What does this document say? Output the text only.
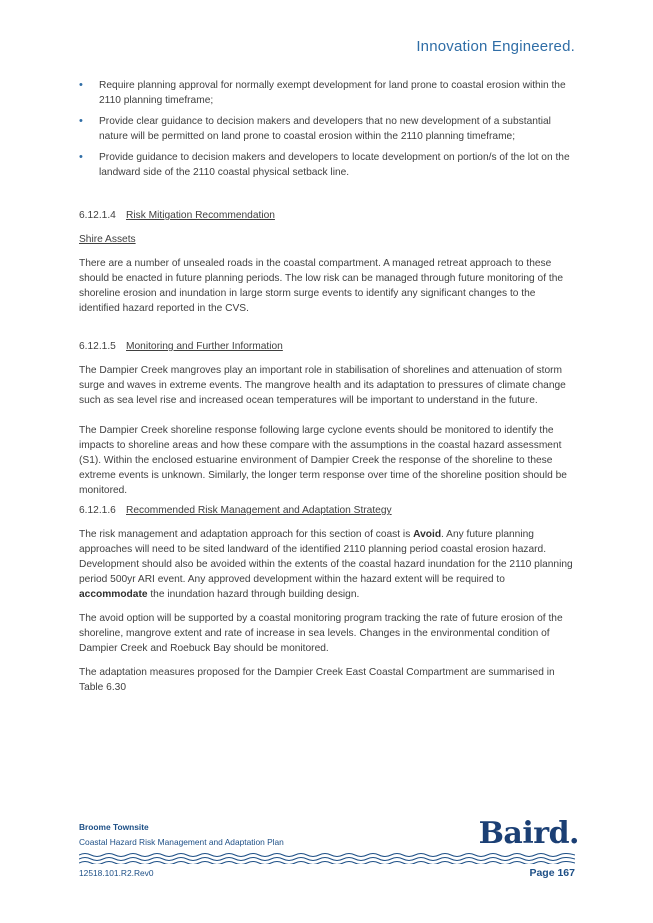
Innovation Engineered.
• Require planning approval for normally exempt development for land prone to coastal erosion within the 2110 planning timeframe;
• Provide clear guidance to decision makers and developers that no new development of a substantial nature will be permitted on land prone to coastal erosion within the 2110 planning timeframe;
• Provide guidance to decision makers and developers to locate development on portion/s of the lot on the landward side of the 2110 coastal physical setback line.
6.12.1.4 Risk Mitigation Recommendation

Shire Assets

There are a number of unsealed roads in the coastal compartment. A managed retreat approach to these should be enacted in future planning periods. The low risk can be managed through future monitoring of the shoreline erosion and inundation in large storm surge events to identify any significant changes to the identified hazard reported in the CVS.

6.12.1.5 Monitoring and Further Information

The Dampier Creek mangroves play an important role in stabilisation of shorelines and attenuation of storm surge and waves in extreme events. The mangrove health and its adaptation to pressures of climate change such as sea level rise and increased ocean temperatures will be important to understand in the future.

The Dampier Creek shoreline response following large cyclone events should be monitored to identify the impacts to shoreline areas and how these compare with the assumptions in the coastal hazard assessment (S1). Within the enclosed estuarine environment of Dampier Creek the response of the shoreline to these extreme events is unknown. Similarly, the longer term response over time of the shoreline position should be monitored.

6.12.1.6 Recommended Risk Management and Adaptation Strategy

The risk management and adaptation approach for this section of coast is Avoid. Any future planning approaches will need to be sited landward of the identified 2110 planning period coastal erosion hazard. Development should also be avoided within the extents of the coastal hazard inundation for the 2110 planning period 500yr ARI event. Any approved development within the hazard extent will be required to accommodate the inundation hazard through building design.

The avoid option will be supported by a coastal monitoring program tracking the rate of future erosion of the shoreline, mangrove extent and rate of increase in sea levels. Changes in the environmental condition of Dampier Creek and Roebuck Bay should be monitored.

The adaptation measures proposed for the Dampier Creek East Coastal Compartment are summarised in Table 6.30

Broome Townsite
Coastal Hazard Risk Management and Adaptation Plan	Baird.
12518.101.R2.Rev0	Page 167
